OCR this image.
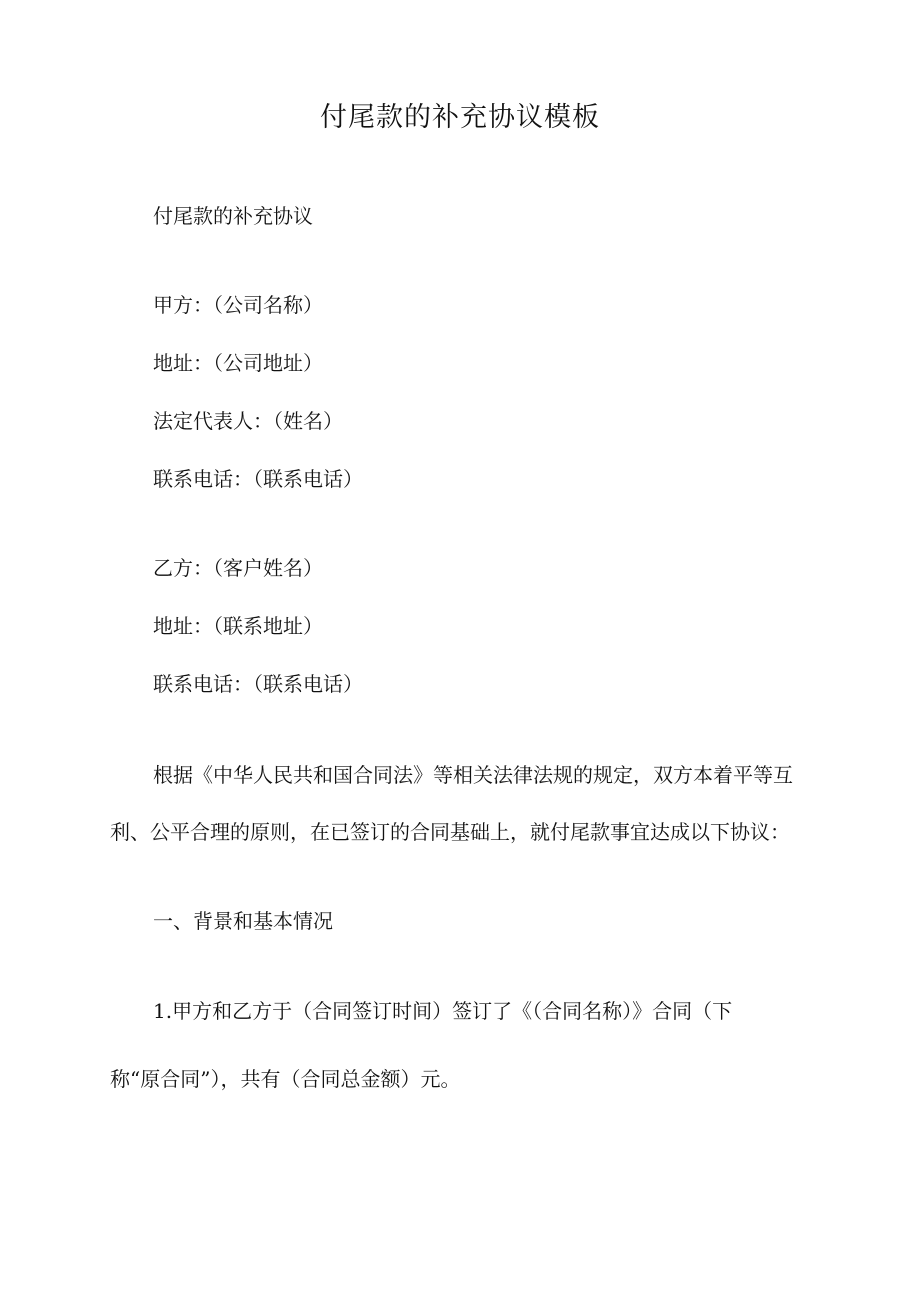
付尾款的补充协议模板
付尾款的补充协议
甲方：（公司名称）
地址：（公司地址）
法定代表人：（姓名）
联系电话：（联系电话）
乙方：（客户姓名）
地址：（联系地址）
联系电话：（联系电话）
根据《中华人民共和国合同法》等相关法律法规的规定，双方本着平等互
利、公平合理的原则，在已签订的合同基础上，就付尾款事宜达成以下协议：
一、背景和基本情况
1.甲方和乙方于（合同签订时间）签订了《（合同名称）》合同（下
称“原合同”），共有（合同总金额）元。
